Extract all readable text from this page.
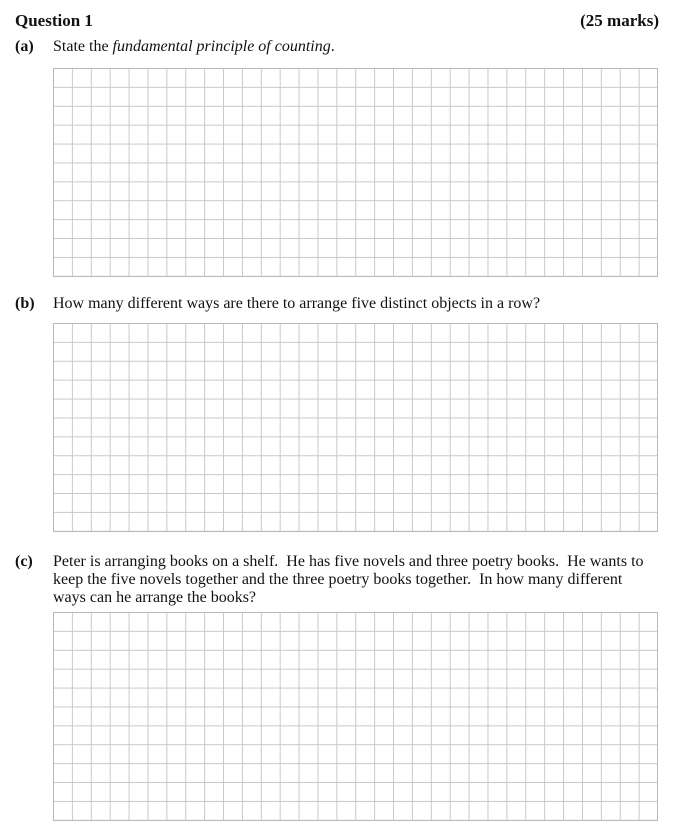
Question 1	(25 marks)
(a) State the fundamental principle of counting.
(b) How many different ways are there to arrange five distinct objects in a row?
(c) Peter is arranging books on a shelf.  He has five novels and three poetry books.  He wants to
keep the five novels together and the three poetry books together.  In how many different
ways can he arrange the books?
